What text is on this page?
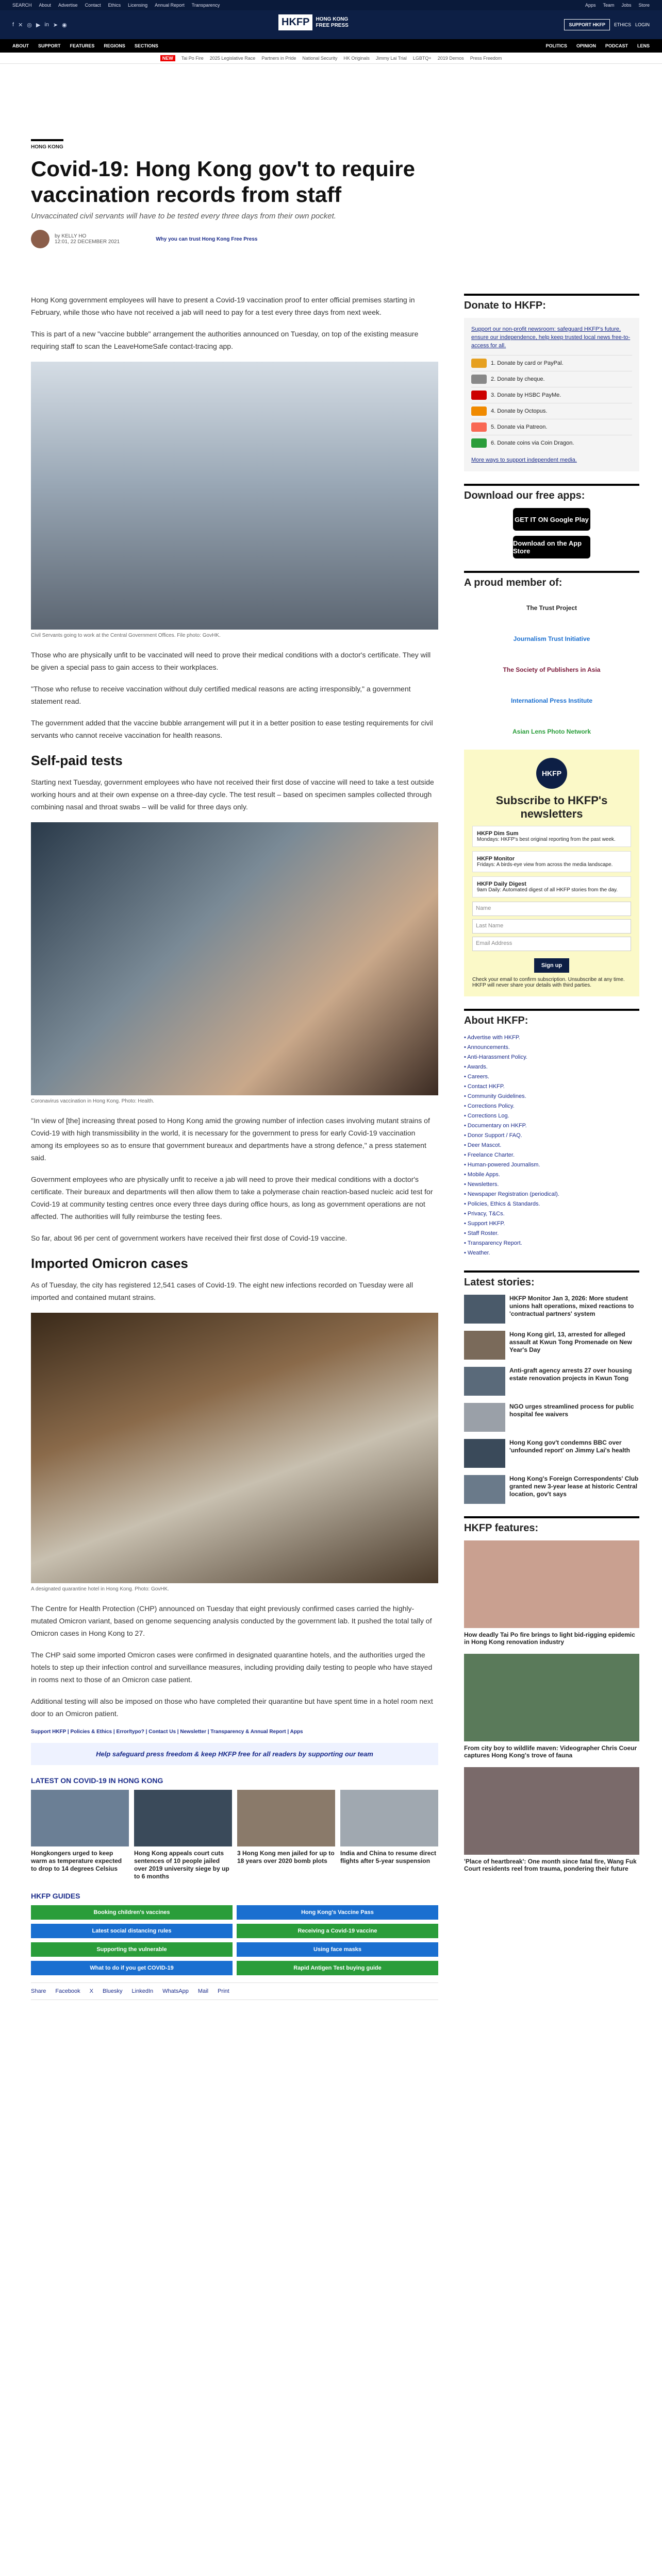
SEARCH About Advertise Contact Ethics Licensing Annual Report Transparency	Apps Team Jobs Store
f ✕ ◎ ▶ in ➤ ◉	HKFP	HONG KONG
FREE PRESS	SUPPORT HKFP	ETHICS LOGIN
ABOUT SUPPORT FEATURES REGIONS SECTIONS	POLITICS OPINION PODCAST LENS
NEW	Tai Po Fire 2025 Legislative Race Partners in Pride National Security HK Originals Jimmy Lai Trial LGBTQ+ 2019 Demos Press Freedom
HONG KONG
Covid-19: Hong Kong gov't to require vaccination records from staff
Unvaccinated civil servants will have to be tested every three days from their own pocket.
by KELLY HO
12:01, 22 DECEMBER 2021	Why you can trust Hong Kong Free Press

Hong Kong government employees will have to present a Covid-19 vaccination proof to enter official premises starting in February, while those who have not received a jab will need to pay for a test every three days from next week.

This is part of a new "vaccine bubble" arrangement the authorities announced on Tuesday, on top of the existing measure requiring staff to scan the LeaveHomeSafe contact-tracing app.

Civil Servants going to work at the Central Government Offices. File photo: GovHK.

Those who are physically unfit to be vaccinated will need to prove their medical conditions with a doctor's certificate. They will be given a special pass to gain access to their workplaces.

"Those who refuse to receive vaccination without duly certified medical reasons are acting irresponsibly," a government statement read.

The government added that the vaccine bubble arrangement will put it in a better position to ease testing requirements for civil servants who cannot receive vaccination for health reasons.

Self-paid tests

Starting next Tuesday, government employees who have not received their first dose of vaccine will need to take a test outside working hours and at their own expense on a three-day cycle. The test result – based on specimen samples collected through combining nasal and throat swabs – will be valid for three days only.

Coronavirus vaccination in Hong Kong. Photo: Health.

"In view of [the] increasing threat posed to Hong Kong amid the growing number of infection cases involving mutant strains of Covid-19 with high transmissibility in the world, it is necessary for the government to press for early Covid-19 vaccination among its employees so as to ensure that government bureaux and departments have a strong defence," a press statement said.

Government employees who are physically unfit to receive a jab will need to prove their medical conditions with a doctor's certificate. Their bureaux and departments will then allow them to take a polymerase chain reaction-based nucleic acid test for Covid-19 at community testing centres once every three days during office hours, as long as government operations are not affected. The authorities will fully reimburse the testing fees.

So far, about 96 per cent of government workers have received their first dose of Covid-19 vaccine.

Imported Omicron cases

As of Tuesday, the city has registered 12,541 cases of Covid-19. The eight new infections recorded on Tuesday were all imported and contained mutant strains.

A designated quarantine hotel in Hong Kong. Photo: GovHK.

The Centre for Health Protection (CHP) announced on Tuesday that eight previously confirmed cases carried the highly-mutated Omicron variant, based on genome sequencing analysis conducted by the government lab. It pushed the total tally of Omicron cases in Hong Kong to 27.

The CHP said some imported Omicron cases were confirmed in designated quarantine hotels, and the authorities urged the hotels to step up their infection control and surveillance measures, including providing daily testing to people who have stayed in rooms next to those of an Omicron case patient.

Additional testing will also be imposed on those who have completed their quarantine but have spent time in a hotel room next door to an Omicron patient.

Support HKFP | Policies & Ethics | Error/typo? | Contact Us | Newsletter | Transparency & Annual Report | Apps
Help safeguard press freedom & keep HKFP free for all readers by supporting our team
LATEST ON COVID-19 IN HONG KONG
Hongkongers urged to keep warm as temperature expected to drop to 14 degrees Celsius
Hong Kong appeals court cuts sentences of 10 people jailed over 2019 university siege by up to 6 months
3 Hong Kong men jailed for up to 18 years over 2020 bomb plots
India and China to resume direct flights after 5-year suspension
HKFP GUIDES
Booking children's vaccines	Hong Kong's Vaccine Pass
Latest social distancing rules	Receiving a Covid-19 vaccine
Supporting the vulnerable	Using face masks
What to do if you get COVID-19	Rapid Antigen Test buying guide
Share Facebook X Bluesky LinkedIn WhatsApp Mail Print
Donate to HKFP:
Support our non-profit newsroom: safeguard HKFP's future, ensure our independence, help keep trusted local news free-to-access for all.
1. Donate by card or PayPal.
2. Donate by cheque.
3. Donate by HSBC PayMe.
4. Donate by Octopus.
5. Donate via Patreon.
6. Donate coins via Coin Dragon.
More ways to support independent media.
Download our free apps:
GET IT ON Google Play
Download on the App Store
A proud member of:
The Trust Project
Journalism Trust Initiative
The Society of Publishers in Asia
International Press Institute
Asian Lens Photo Network
HKFP
Subscribe to HKFP's newsletters
HKFP Dim Sum
Mondays: HKFP's best original reporting from the past week.
HKFP Monitor
Fridays: A birds-eye view from across the media landscape.
HKFP Daily Digest
9am Daily: Automated digest of all HKFP stories from the day.
Name
Last Name
Email Address
Sign up
Check your email to confirm subscription. Unsubscribe at any time. HKFP will never share your details with third parties.
About HKFP:
• Advertise with HKFP.
• Announcements.
• Anti-Harassment Policy.
• Awards.
• Careers.
• Contact HKFP.
• Community Guidelines.
• Corrections Policy.
• Corrections Log.
• Documentary on HKFP.
• Donor Support / FAQ.
• Deer Mascot.
• Freelance Charter.
• Human-powered Journalism.
• Mobile Apps.
• Newsletters.
• Newspaper Registration (periodical).
• Policies, Ethics & Standards.
• Privacy, T&Cs.
• Support HKFP.
• Staff Roster.
• Transparency Report.
• Weather.
Latest stories:
HKFP Monitor Jan 3, 2026: More student unions halt operations, mixed reactions to 'contractual partners' system
Hong Kong girl, 13, arrested for alleged assault at Kwun Tong Promenade on New Year's Day
Anti-graft agency arrests 27 over housing estate renovation projects in Kwun Tong
NGO urges streamlined process for public hospital fee waivers
Hong Kong gov't condemns BBC over 'unfounded report' on Jimmy Lai's health
Hong Kong's Foreign Correspondents' Club granted new 3-year lease at historic Central location, gov't says
HKFP features:
How deadly Tai Po fire brings to light bid-rigging epidemic in Hong Kong renovation industry
From city boy to wildlife maven: Videographer Chris Coeur captures Hong Kong's trove of fauna
'Place of heartbreak': One month since fatal fire, Wang Fuk Court residents reel from trauma, pondering their future
